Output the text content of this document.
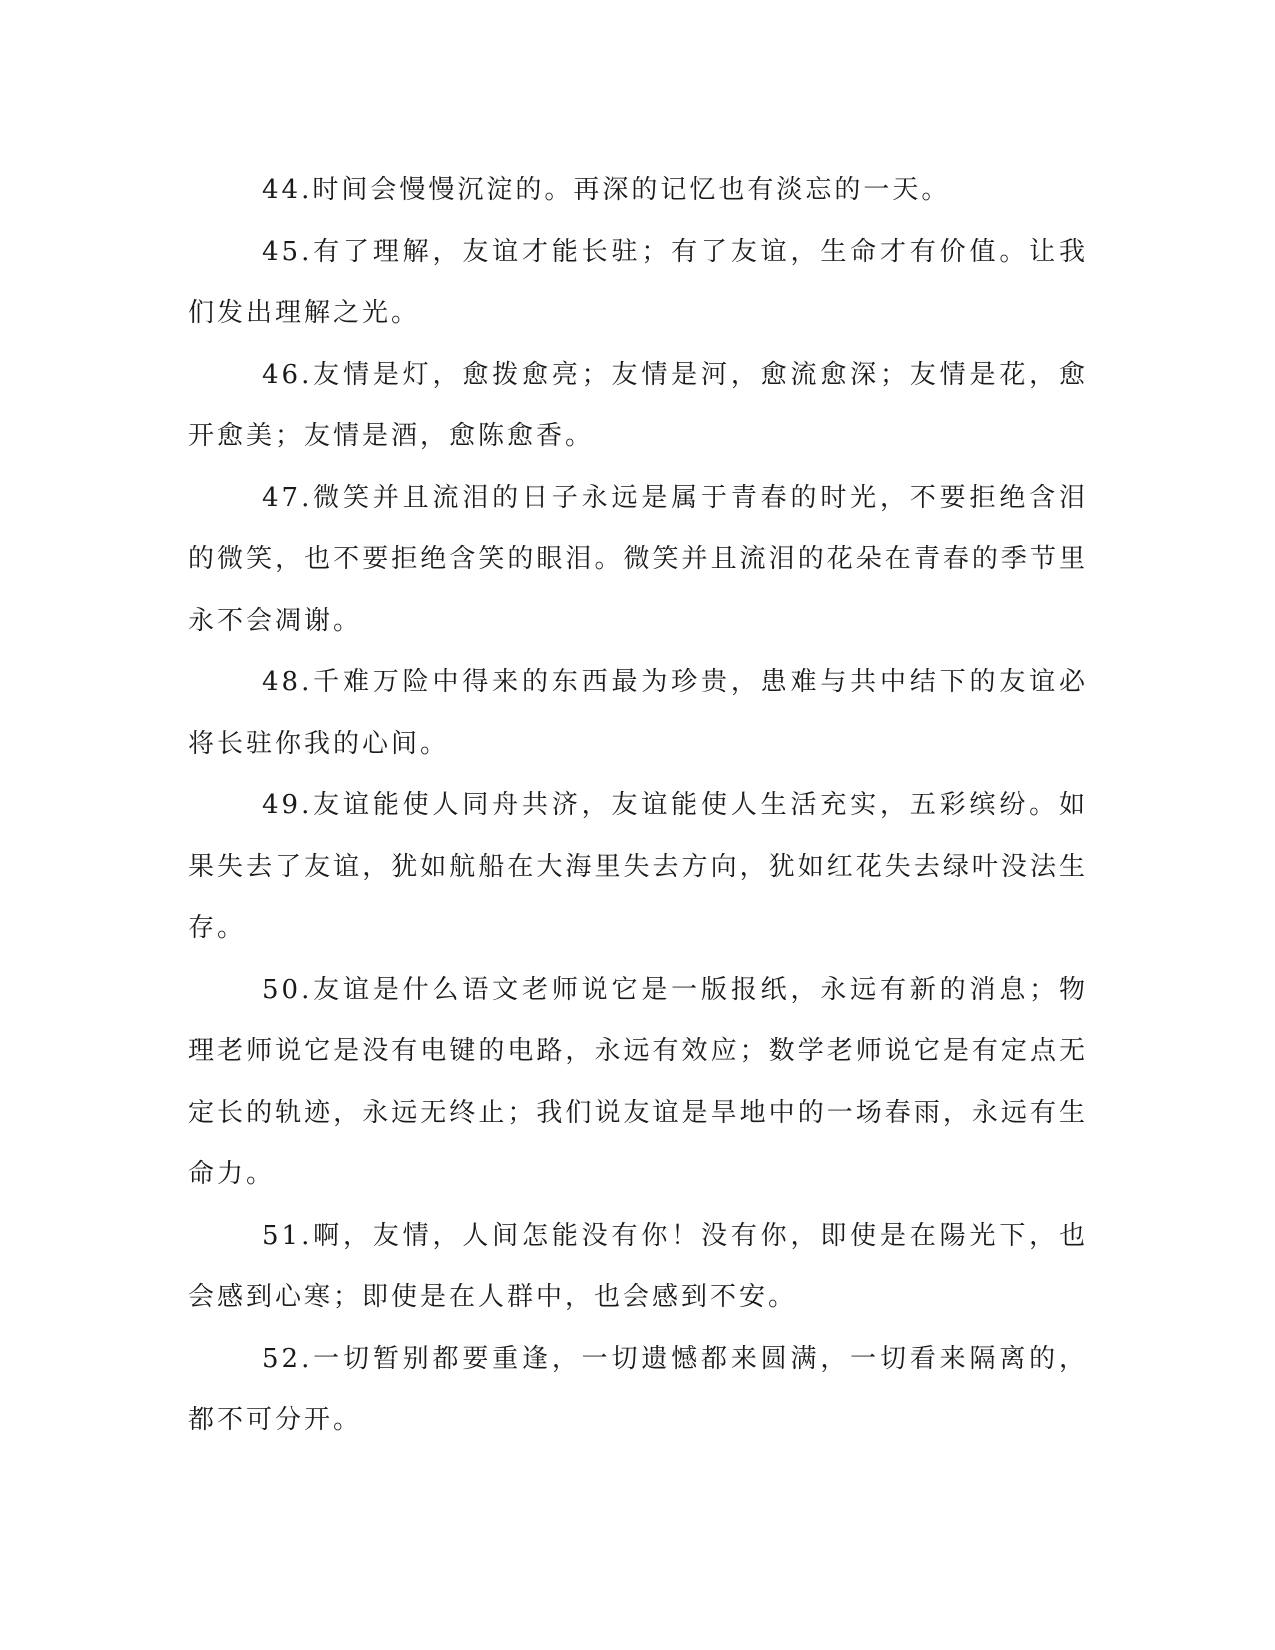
44.时间会慢慢沉淀的。再深的记忆也有淡忘的一天。

45.有了理解，友谊才能长驻；有了友谊，生命才有价值。让我们发出理解之光。

46.友情是灯，愈拨愈亮；友情是河，愈流愈深；友情是花，愈开愈美；友情是酒，愈陈愈香。

47.微笑并且流泪的日子永远是属于青春的时光，不要拒绝含泪的微笑，也不要拒绝含笑的眼泪。微笑并且流泪的花朵在青春的季节里永不会凋谢。

48.千难万险中得来的东西最为珍贵，患难与共中结下的友谊必将长驻你我的心间。

49.友谊能使人同舟共济，友谊能使人生活充实，五彩缤纷。如果失去了友谊，犹如航船在大海里失去方向，犹如红花失去绿叶没法生存。

50.友谊是什么语文老师说它是一版报纸，永远有新的消息；物理老师说它是没有电键的电路，永远有效应；数学老师说它是有定点无定长的轨迹，永远无终止；我们说友谊是旱地中的一场春雨，永远有生命力。

51.啊，友情，人间怎能没有你！没有你，即使是在陽光下，也会感到心寒；即使是在人群中，也会感到不安。

52.一切暂别都要重逢，一切遗憾都来圆满，一切看来隔离的，都不可分开。
